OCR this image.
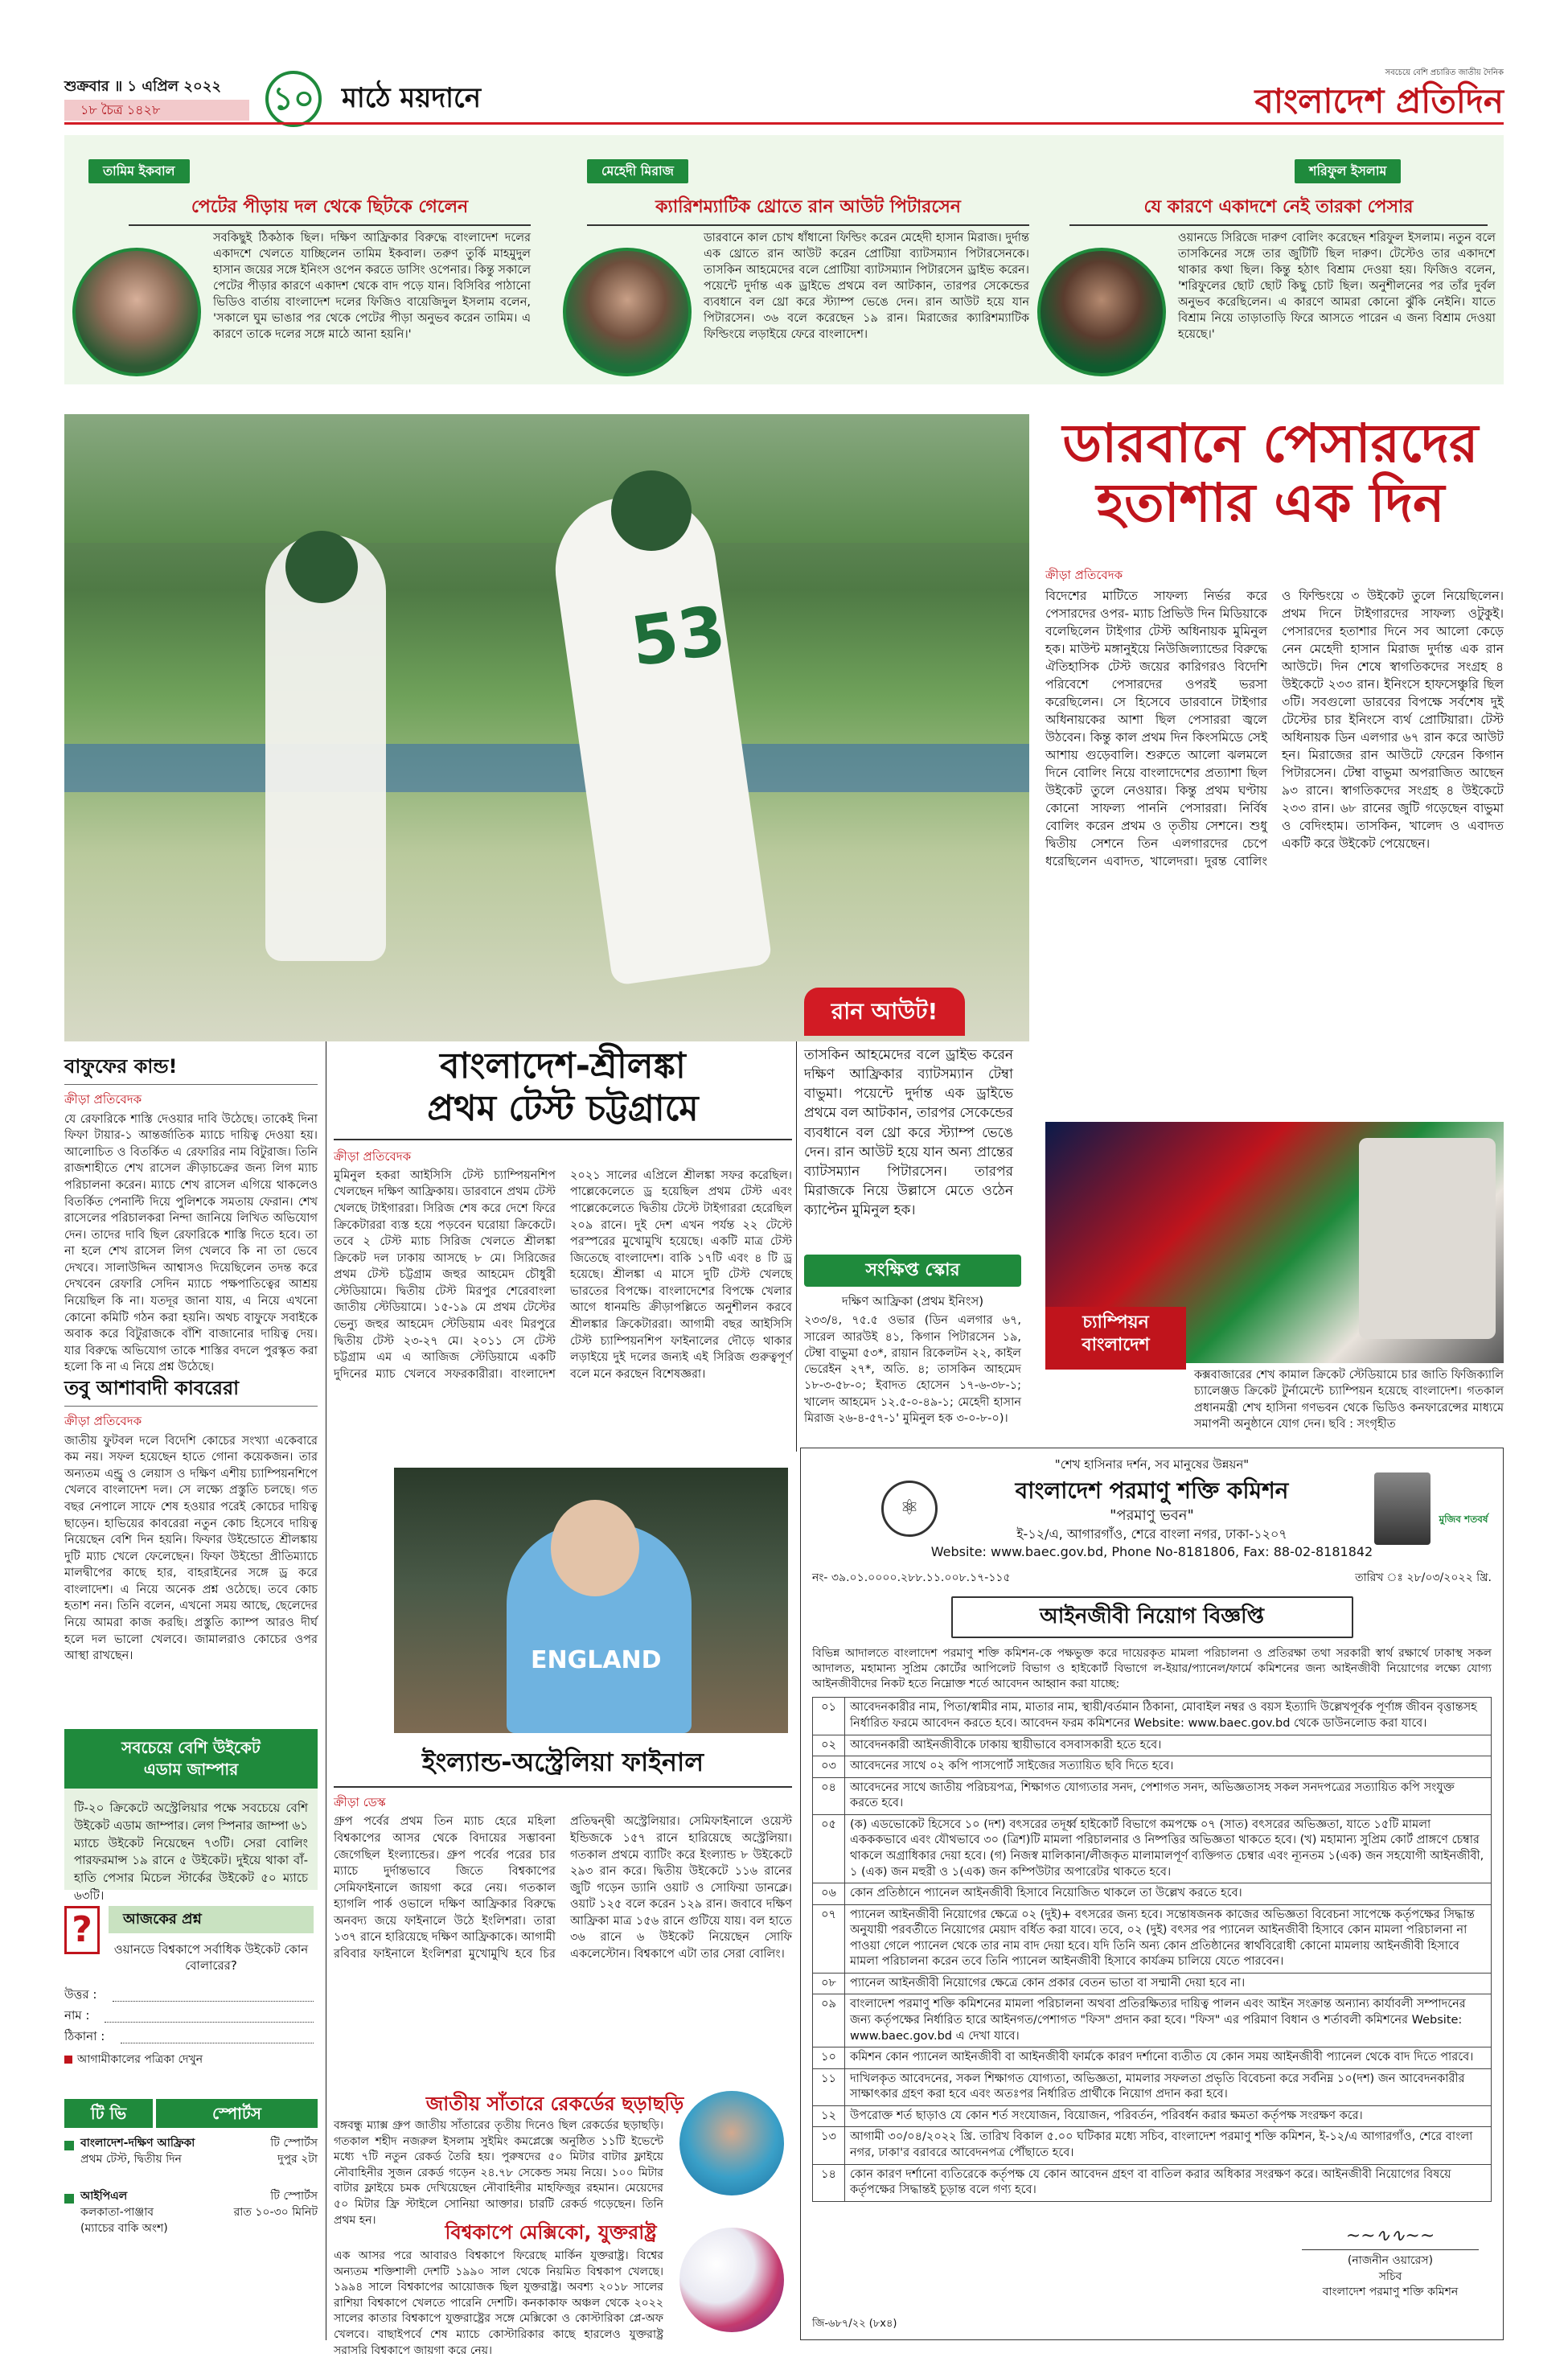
শুক্রবার ॥ ১ এপ্রিল ২০২২
১৮ চৈত্র ১৪২৮	১০ মাঠে ময়দানে
সবচেয়ে বেশি প্রচারিত জাতীয় দৈনিক
বাংলাদেশ প্রতিদিন
তামিম ইকবাল
পেটের পীড়ায় দল থেকে ছিটকে গেলেন
সবকিছুই ঠিকঠাক ছিল। দক্ষিণ আফ্রিকার বিরুদ্ধে বাংলাদেশ দলের একাদশে খেলতে যাচ্ছিলেন তামিম ইকবাল। তরুণ তুর্কি মাহমুদুল হাসান জয়ের সঙ্গে ইনিংস ওপেন করতে ডাসিং ওপেনার। কিন্তু সকালে পেটের পীড়ার কারণে একাদশ থেকে বাদ পড়ে যান। বিসিবির পাঠানো ভিডিও বার্তায় বাংলাদেশ দলের ফিজিও বায়েজিদুল ইসলাম বলেন, 'সকালে ঘুম ভাঙার পর থেকে পেটের পীড়া অনুভব করেন তামিম। এ কারণে তাকে দলের সঙ্গে মাঠে আনা হয়নি।'
মেহেদী মিরাজ
ক্যারিশম্যাটিক থ্রোতে রান আউট পিটারসেন
ডারবানে কাল চোখ ধাঁধানো ফিল্ডিং করেন মেহেদী হাসান মিরাজ। দুর্দান্ত এক থ্রোতে রান আউট করেন প্রোটিয়া ব্যাটসম্যান পিটারসেনকে। তাসকিন আহমেদের বলে প্রোটিয়া ব্যাটসম্যান পিটারসেন ড্রাইভ করেন। পয়েন্টে দুর্দান্ত এক ড্রাইভে প্রথমে বল আটকান, তারপর সেকেন্ডের ব্যবধানে বল থ্রো করে স্ট্যাম্প ভেঙে দেন। রান আউট হয়ে যান পিটারসেন। ৩৬ বলে করেছেন ১৯ রান। মিরাজের ক্যারিশম্যাটিক ফিল্ডিংয়ে লড়াইয়ে ফেরে বাংলাদেশ।
শরিফুল ইসলাম
যে কারণে একাদশে নেই তারকা পেসার
ওয়ানডে সিরিজে দারুণ বোলিং করেছেন শরিফুল ইসলাম। নতুন বলে তাসকিনের সঙ্গে তার জুটিটি ছিল দারুণ। টেস্টেও তার একাদশে থাকার কথা ছিল। কিন্তু হঠাৎ বিশ্রাম দেওয়া হয়। ফিজিও বলেন, 'শরিফুলের ছোট ছোট কিছু চোট ছিল। অনুশীলনের পর তাঁর দুর্বল অনুভব করেছিলেন। এ কারণে আমরা কোনো ঝুঁকি নেইনি। যাতে বিশ্রাম নিয়ে তাড়াতাড়ি ফিরে আসতে পারেন এ জন্য বিশ্রাম দেওয়া হয়েছে।'
53
রান আউট!
ডারবানে পেসারদের
হতাশার এক দিন
ক্রীড়া প্রতিবেদক
বিদেশের মাটিতে সাফল্য নির্ভর করে পেসারদের ওপর- ম্যাচ প্রিভিউ দিন মিডিয়াকে বলেছিলেন টাইগার টেস্ট অধিনায়ক মুমিনুল হক। মাউন্ট মঙ্গানুইয়ে নিউজিল্যান্ডের বিরুদ্ধে ঐতিহাসিক টেস্ট জয়ের কারিগরও বিদেশি পরিবেশে পেসারদের ওপরই ভরসা করেছিলেন। সে হিসেবে ডারবানে টাইগার অধিনায়কের আশা ছিল পেসাররা জ্বলে উঠবেন। কিন্তু কাল প্রথম দিন কিংসমিডে সেই আশায় গুড়েবালি। শুরুতে আলো ঝলমলে দিনে বোলিং নিয়ে বাংলাদেশের প্রত্যাশা ছিল উইকেট তুলে নেওয়ার। কিন্তু প্রথম ঘণ্টায় কোনো সাফল্য পাননি পেসাররা। নির্বিষ বোলিং করেন প্রথম ও তৃতীয় সেশনে। শুধু দ্বিতীয় সেশনে তিন এলগারদের চেপে ধরেছিলেন এবাদত, খালেদরা। দুরন্ত বোলিং ও ফিল্ডিংয়ে ৩ উইকেট তুলে নিয়েছিলেন। প্রথম দিনে টাইগারদের সাফল্য ওটুকুই। পেসারদের হতাশার দিনে সব আলো কেড়ে নেন মেহেদী হাসান মিরাজ দুর্দান্ত এক রান আউটে। দিন শেষে স্বাগতিকদের সংগ্রহ ৪ উইকেটে ২৩৩ রান। ইনিংসে হাফসেঞ্চুরি ছিল ৩টি। সবগুলো ডারবের বিপক্ষে সর্বশেষ দুই টেস্টের চার ইনিংসে ব্যর্থ প্রোটিয়ারা। টেস্ট অধিনায়ক ডিন এলগার ৬৭ রান করে আউট হন। মিরাজের রান আউটে ফেরেন কিগান পিটারসেন। টেম্বা বাভুমা অপরাজিত আছেন ৯৩ রানে। স্বাগতিকদের সংগ্রহ ৪ উইকেটে ২৩৩ রান। ৬৮ রানের জুটি গড়েছেন বাভুমা ও বেদিংহাম। তাসকিন, খালেদ ও এবাদত একটি করে উইকেট পেয়েছেন।
তাসকিন আহমেদের বলে ড্রাইভ করেন দক্ষিণ আফ্রিকার ব্যাটসম্যান টেম্বা বাভুমা। পয়েন্টে দুর্দান্ত এক ড্রাইভে প্রথমে বল আটকান, তারপর সেকেন্ডের ব্যবধানে বল থ্রো করে স্ট্যাম্প ভেঙে দেন। রান আউট হয়ে যান অন্য প্রান্তের ব্যাটসম্যান পিটারসেন। তারপর মিরাজকে নিয়ে উল্লাসে মেতে ওঠেন ক্যাপ্টেন মুমিনুল হক।
সংক্ষিপ্ত স্কোর
দক্ষিণ আফ্রিকা (প্রথম ইনিংস)
২৩৩/৪, ৭৫.৫ ওভার (ডিন এলগার ৬৭, সারেল আরউই ৪১, কিগান পিটারসেন ১৯, টেম্বা বাভুমা ৫৩*, রায়ান রিকেলটন ২২, কাইল ভেরেইন ২৭*, অতি. ৪; তাসকিন আহমেদ ১৮-৩-৫৮-০; ইবাদত হোসেন ১৭-৬-৩৮-১; খালেদ আহমেদ ১২.৫-০-৪৯-১; মেহেদী হাসান মিরাজ ২৬-৪-৫৭-১' মুমিনুল হক ৩-০-৮-০)।
চ্যাম্পিয়ন
বাংলাদেশ
কক্সবাজারের শেখ কামাল ক্রিকেট স্টেডিয়ামে চার জাতি ফিজিক্যালি চ্যালেঞ্জড ক্রিকেট টুর্নামেন্টে চ্যাম্পিয়ন হয়েছে বাংলাদেশ। গতকাল প্রধানমন্ত্রী শেখ হাসিনা গণভবন থেকে ভিডিও কনফারেন্সের মাধ্যমে সমাপনী অনুষ্ঠানে যোগ দেন। ছবি : সংগৃহীত
বাফুফের কান্ড!
ক্রীড়া প্রতিবেদক
যে রেফারিকে শাস্তি দেওয়ার দাবি উঠেছে। তাকেই দিনা ফিফা টায়ার-১ আন্তর্জাতিক ম্যাচে দায়িত্ব দেওয়া হয়। আলোচিত ও বিতর্কিত এ রেফারির নাম বিটুরাজ। তিনি রাজশাহীতে শেখ রাসেল ক্রীড়াচক্রের জন্য লিগ ম্যাচ পরিচালনা করেন। ম্যাচে শেখ রাসেল এগিয়ে থাকলেও বিতর্কিত পেনাল্টি দিয়ে পুলিশকে সমতায় ফেরান। শেখ রাসেলের পরিচালকরা নিন্দা জানিয়ে লিখিত অভিযোগ দেন। তাদের দাবি ছিল রেফারিকে শাস্তি দিতে হবে। তা না হলে শেখ রাসেল লিগ খেলবে কি না তা ভেবে দেখবে। সালাউদ্দিন আশ্বাসও দিয়েছিলেন তদন্ত করে দেখবেন রেফারি সেদিন ম্যাচে পক্ষপাতিত্বের আশ্রয় নিয়েছিল কি না। যতদূর জানা যায়, এ নিয়ে এখনো কোনো কমিটি গঠন করা হয়নি। অথচ বাফুফে সবাইকে অবাক করে বিটুরাজকে বাঁশি বাজানোর দায়িত্ব দেয়। যার বিরুদ্ধে অভিযোগ তাকে শাস্তির বদলে পুরস্কৃত করা হলো কি না এ নিয়ে প্রশ্ন উঠেছে।
তবু আশাবাদী কাবরেরা
ক্রীড়া প্রতিবেদক
জাতীয় ফুটবল দলে বিদেশি কোচের সংখ্যা একেবারে কম নয়। সফল হয়েছেন হাতে গোনা কয়েকজন। তার অন্যতম এন্ড্রু ও লেয়াস ও দক্ষিণ এশীয় চ্যাম্পিয়নশিপে খেলবে বাংলাদেশ দল। সে লক্ষ্যে প্রস্তুতি চলছে। গত বছর নেপালে সাফে শেষ হওয়ার পরেই কোচের দায়িত্ব ছাড়েন। হাভিয়ের কাবরেরা নতুন কোচ হিসেবে দায়িত্ব নিয়েছেন বেশি দিন হয়নি। ফিফার উইন্ডোতে শ্রীলঙ্কায় দুটি ম্যাচ খেলে ফেলেছেন। ফিফা উইন্ডো প্রীতিম্যাচে মালদ্বীপের কাছে হার, বাহরাইনের সঙ্গে ড্র করে বাংলাদেশ। এ নিয়ে অনেক প্রশ্ন ওঠেছে। তবে কোচ হতাশ নন। তিনি বলেন, এখনো সময় আছে, ছেলেদের নিয়ে আমরা কাজ করছি। প্রস্তুতি ক্যাম্প আরও দীর্ঘ হলে দল ভালো খেলবে। জামালরাও কোচের ওপর আস্থা রাখছেন।
সবচেয়ে বেশি উইকেট
এডাম জাম্পার
টি-২০ ক্রিকেটে অস্ট্রেলিয়ার পক্ষে সবচেয়ে বেশি উইকেট এডাম জাম্পার। লেগ স্পিনার জাম্পা ৬১ ম্যাচে উইকেট নিয়েছেন ৭৩টি। সেরা বোলিং পারফরমান্স ১৯ রানে ৫ উইকেট। দুইয়ে থাকা বাঁ-হাতি পেসার মিচেল স্টার্কের উইকেট ৫০ ম্যাচে ৬৩টি।
?	আজকের প্রশ্ন
ওয়ানডে বিশ্বকাপে সর্বাধিক উইকেট কোন বোলারের?
উত্তর :
নাম :
ঠিকানা :
আগামীকালের পত্রিকা দেখুন
টি ভি	স্পোর্টস
বাংলাদেশ-দক্ষিণ আফ্রিকা
প্রথম টেস্ট, দ্বিতীয় দিন
টি স্পোর্টস
দুপুর ২টা
আইপিএল
কলকাতা-পাঞ্জাব
(ম্যাচের বাকি অংশ)
টি স্পোর্টস
রাত ১০-৩০ মিনিট
বাংলাদেশ-শ্রীলঙ্কা
প্রথম টেস্ট চট্টগ্রামে
ক্রীড়া প্রতিবেদক
মুমিনুল হকরা আইসিসি টেস্ট চ্যাম্পিয়নশিপ খেলছেন দক্ষিণ আফ্রিকায়। ডারবানে প্রথম টেস্ট খেলছে টাইগাররা। সিরিজ শেষ করে দেশে ফিরে ক্রিকেটাররা ব্যস্ত হয়ে পড়বেন ঘরোয়া ক্রিকেটে। তবে ২ টেস্ট ম্যাচ সিরিজ খেলতে শ্রীলঙ্কা ক্রিকেট দল ঢাকায় আসছে ৮ মে। সিরিজের প্রথম টেস্ট চট্টগ্রাম জহুর আহমেদ চৌধুরী স্টেডিয়ামে। দ্বিতীয় টেস্ট মিরপুর শেরেবাংলা জাতীয় স্টেডিয়ামে। ১৫-১৯ মে প্রথম টেস্টের ভেন্যু জহুর আহমেদ স্টেডিয়াম এবং মিরপুরে দ্বিতীয় টেস্ট ২৩-২৭ মে। ২০১১ সে টেস্ট চট্টগ্রাম এম এ আজিজ স্টেডিয়ামে একটি দুদিনের ম্যাচ খেলবে সফরকারীরা। বাংলাদেশ ২০২১ সালের এপ্রিলে শ্রীলঙ্কা সফর করেছিল। পাল্লেকেলেতে ড্র হয়েছিল প্রথম টেস্ট এবং পাল্লেকেলেতে দ্বিতীয় টেস্টে টাইগাররা হেরেছিল ২০৯ রানে। দুই দেশ এখন পর্যন্ত ২২ টেস্টে পরস্পরের মুখোমুখি হয়েছে। একটি মাত্র টেস্ট জিতেছে বাংলাদেশ। বাকি ১৭টি এবং ৪ টি ড্র হয়েছে। শ্রীলঙ্কা এ মাসে দুটি টেস্ট খেলছে ভারতের বিপক্ষে। বাংলাদেশের বিপক্ষে খেলার আগে ধানমন্ডি ক্রীড়াপল্লিতে অনুশীলন করবে শ্রীলঙ্কার ক্রিকেটাররা। আগামী বছর আইসিসি টেস্ট চ্যাম্পিয়নশিপ ফাইনালের দৌড়ে থাকার লড়াইয়ে দুই দলের জন্যই এই সিরিজ গুরুত্বপূর্ণ বলে মনে করছেন বিশেষজ্ঞরা।
ENGLAND
ইংল্যান্ড-অস্ট্রেলিয়া ফাইনাল
ক্রীড়া ডেস্ক
গ্রুপ পর্বের প্রথম তিন ম্যাচ হেরে মহিলা বিশ্বকাপের আসর থেকে বিদায়ের সম্ভাবনা জেগেছিল ইংল্যান্ডের। গ্রুপ পর্বের পরের চার ম্যাচে দুর্দান্তভাবে জিতে বিশ্বকাপের সেমিফাইনালে জায়গা করে নেয়। গতকাল হ্যাগলি পার্ক ওভালে দক্ষিণ আফ্রিকার বিরুদ্ধে অনবদ্য জয়ে ফাইনালে উঠে ইংলিশরা। তারা ১৩৭ রানে হারিয়েছে দক্ষিণ আফ্রিকাকে। আগামী রবিবার ফাইনালে ইংলিশরা মুখোমুখি হবে চির প্রতিদ্বন্দ্বী অস্ট্রেলিয়ার। সেমিফাইনালে ওয়েস্ট ইন্ডিজকে ১৫৭ রানে হারিয়েছে অস্ট্রেলিয়া। গতকাল প্রথমে ব্যাটিং করে ইংল্যান্ড ৮ উইকেটে ২৯৩ রান করে। দ্বিতীয় উইকেটে ১১৬ রানের জুটি গড়েন ড্যানি ওয়াট ও সোফিয়া ডানক্লে। ওয়াট ১২৫ বলে করেন ১২৯ রান। জবাবে দক্ষিণ আফ্রিকা মাত্র ১৫৬ রানে গুটিয়ে যায়। বল হাতে ৩৬ রানে ৬ উইকেট নিয়েছেন সোফি একলেস্টোন। বিশ্বকাপে এটা তার সেরা বোলিং।
জাতীয় সাঁতারে রেকর্ডের ছড়াছড়ি
বঙ্গবন্ধু ম্যাক্স গ্রুপ জাতীয় সাঁতারের তৃতীয় দিনেও ছিল রেকর্ডের ছড়াছড়ি। গতকাল শহীদ নজরুল ইসলাম সুইমিং কমপ্লেক্সে অনুষ্ঠিত ১১টি ইভেন্টে মধ্যে ৭টি নতুন রেকর্ড তৈরি হয়। পুরুষদের ৫০ মিটার বাটার ফ্লাইয়ে নৌবাহিনীর সুজন রেকর্ড গড়েন ২৪.৭৮ সেকেন্ড সময় নিয়ে। ১০০ মিটার বাটার ফ্লাইয়ে চমক দেখিয়েছেন নৌবাহিনীর মাহফিজুর রহমান। মেয়েদের ৫০ মিটার ফ্রি স্টাইলে সোনিয়া আক্তার। চারটি রেকর্ড গড়েছেন। তিনি প্রথম হন।
বিশ্বকাপে মেক্সিকো, যুক্তরাষ্ট্র
এক আসর পরে আবারও বিশ্বকাপে ফিরেছে মার্কিন যুক্তরাষ্ট্র। বিশ্বের অন্যতম শক্তিশালী দেশটি ১৯৯০ সাল থেকে নিয়মিত বিশ্বকাপ খেলছে। ১৯৯৪ সালে বিশ্বকাপের আয়োজক ছিল যুক্তরাষ্ট্র। অবশ্য ২০১৮ সালের রাশিয়া বিশ্বকাপে খেলতে পারেনি দেশটি। কনকাকাফ অঞ্চল থেকে ২০২২ সালের কাতার বিশ্বকাপে যুক্তরাষ্ট্রের সঙ্গে মেক্সিকো ও কোস্টারিকা প্লে-অফ খেলবে। বাছাইপর্বে শেষ ম্যাচে কোস্টারিকার কাছে হারলেও যুক্তরাষ্ট্র সরাসরি বিশ্বকাপে জায়গা করে নেয়।
"শেখ হাসিনার দর্শন, সব মানুষের উন্নয়ন"
⚛	মুজিব শতবর্ষ
বাংলাদেশ পরমাণু শক্তি কমিশন
"পরমাণু ভবন"
ই-১২/এ, আগারগাঁও, শেরে বাংলা নগর, ঢাকা-১২০৭
Website: www.baec.gov.bd, Phone No-8181806, Fax: 88-02-8181842
নং- ৩৯.০১.০০০০.২৮৮.১১.০০৮.১৭-১১৫	তারিখ ঃ ২৮/০৩/২০২২ খ্রি.
আইনজীবী নিয়োগ বিজ্ঞপ্তি
বিভিন্ন আদালতে বাংলাদেশ পরমাণু শক্তি কমিশন-কে পক্ষভুক্ত করে দায়েরকৃত মামলা পরিচালনা ও প্রতিরক্ষা তথা সরকারী স্বার্থ রক্ষার্থে ঢাকাস্থ সকল আদালত, মহামান্য সুপ্রিম কোর্টের আপিলেট বিভাগ ও হাইকোর্ট বিভাগে ল-ইয়ার/প্যানেল/ফার্মে কমিশনের জন্য আইনজীবী নিয়োগের লক্ষ্যে যোগ্য আইনজীবীদের নিকট হতে নিম্নোক্ত শর্তে আবেদন আহ্বান করা যাচ্ছে:
০১	আবেদনকারীর নাম, পিতা/স্বামীর নাম, মাতার নাম, স্থায়ী/বর্তমান ঠিকানা, মোবাইল নম্বর ও বয়স ইত্যাদি উল্লেখপূর্বক পূর্ণাঙ্গ জীবন বৃত্তান্তসহ নির্ধারিত ফরমে আবেদন করতে হবে। আবেদন ফরম কমিশনের Website: www.baec.gov.bd থেকে ডাউনলোড করা যাবে।
০২	আবেদনকারী আইনজীবীকে ঢাকায় স্থায়ীভাবে বসবাসকারী হতে হবে।
০৩	আবেদনের সাথে ০২ কপি পাসপোর্ট সাইজের সত্যায়িত ছবি দিতে হবে।
০৪	আবেদনের সাথে জাতীয় পরিচয়পত্র, শিক্ষাগত যোগ্যতার সনদ, পেশাগত সনদ, অভিজ্ঞতাসহ সকল সনদপত্রের সত্যায়িত কপি সংযুক্ত করতে হবে।
০৫	(ক) এডভোকেট হিসেবে ১০ (দশ) বৎসরের তদূর্ধ্ব হাইকোর্ট বিভাগে কমপক্ষে ০৭ (সাত) বৎসরের অভিজ্ঞতা, যাতে ১৫টি মামলা একককভাবে এবং যৌথভাবে ৩০ (ত্রিশ)টি মামলা পরিচালনার ও নিষ্পত্তির অভিজ্ঞতা থাকতে হবে। (খ) মহামান্য সুপ্রিম কোর্ট প্রাঙ্গণে চেম্বার থাকলে অগ্রাধিকার দেয়া হবে। (গ) নিজস্ব মালিকানা/লীজকৃত মালামালপূর্ণ ব্যক্তিগত চেম্বার এবং ন্যূনতম ১(এক) জন সহযোগী আইনজীবী, ১ (এক) জন মহুরী ও ১(এক) জন কম্পিউটার অপারেটর থাকতে হবে।
০৬	কোন প্রতিষ্ঠানে প্যানেল আইনজীবী হিসাবে নিয়োজিত থাকলে তা উল্লেখ করতে হবে।
০৭	প্যানেল আইনজীবী নিয়োগের ক্ষেত্রে ০২ (দুই)+ বৎসরের জন্য হবে। সন্তোষজনক কাজের অভিজ্ঞতা বিবেচনা সাপেক্ষে কর্তৃপক্ষের সিদ্ধান্ত অনুযায়ী পরবর্তীতে নিয়োগের মেয়াদ বর্ধিত করা যাবে। তবে, ০২ (দুই) বৎসর পর প্যানেল আইনজীবী হিসাবে কোন মামলা পরিচালনা না পাওয়া গেলে প্যানেল থেকে তার নাম বাদ দেয়া হবে। যদি তিনি অন্য কোন প্রতিষ্ঠানের স্বার্থবিরোধী কোনো মামলায় আইনজীবী হিসাবে মামলা পরিচালনা করেন তবে তিনি প্যানেল আইনজীবী হিসাবে কার্যক্রম চালিয়ে যেতে পারবেন।
০৮	প্যানেল আইনজীবী নিয়োগের ক্ষেত্রে কোন প্রকার বেতন ভাতা বা সম্মানী দেয়া হবে না।
০৯	বাংলাদেশ পরমাণু শক্তি কমিশনের মামলা পরিচালনা অথবা প্রতিরক্ষিত্যর দায়িত্ব পালন এবং আইন সংক্রান্ত অন্যান্য কার্যাবলী সম্পাদনের জন্য কর্তৃপক্ষের নির্ধারিত হারে আইনগত/পেশাগত "ফিস" প্রদান করা হবে। "ফিস" এর পরিমাণ বিধান ও শর্তাবলী কমিশনের Website: www.baec.gov.bd এ দেখা যাবে।
১০	কমিশন কোন প্যানেল আইনজীবী বা আইনজীবী ফার্মকে কারণ দর্শানো ব্যতীত যে কোন সময় আইনজীবী প্যানেল থেকে বাদ দিতে পারবে।
১১	দাখিলকৃত আবেদনের, সকল শিক্ষাগত যোগ্যতা, অভিজ্ঞতা, মামলার সফলতা প্রভৃতি বিবেচনা করে সর্বনিম্ন ১০(দশ) জন আবেদনকারীর সাক্ষাৎকার গ্রহণ করা হবে এবং অতঃপর নির্ধারিত প্রার্থীকে নিয়োগ প্রদান করা হবে।
১২	উপরোক্ত শর্ত ছাড়াও যে কোন শর্ত সংযোজন, বিয়োজন, পরিবর্তন, পরিবর্ধন করার ক্ষমতা কর্তৃপক্ষ সংরক্ষণ করে।
১৩	আগামী ৩০/০৪/২০২২ খ্রি. তারিখ বিকাল ৫.০০ ঘটিকার মধ্যে সচিব, বাংলাদেশ পরমাণু শক্তি কমিশন, ই-১২/এ আগারগাঁও, শেরে বাংলা নগর, ঢাকা'র বরাবরে আবেদনপত্র পৌঁছাতে হবে।
১৪	কোন কারণ দর্শানো ব্যতিরেকে কর্তৃপক্ষ যে কোন আবেদন গ্রহণ বা বাতিল করার অধিকার সংরক্ষণ করে। আইনজীবী নিয়োগের বিষয়ে কর্তৃপক্ষের সিদ্ধান্তই চূড়ান্ত বলে গণ্য হবে।
~~∿∿~~
(নাজনীন ওয়ারেস)
সচিব
বাংলাদেশ পরমাণু শক্তি কমিশন
জি-৬৮৭/২২ (৮x৪)
